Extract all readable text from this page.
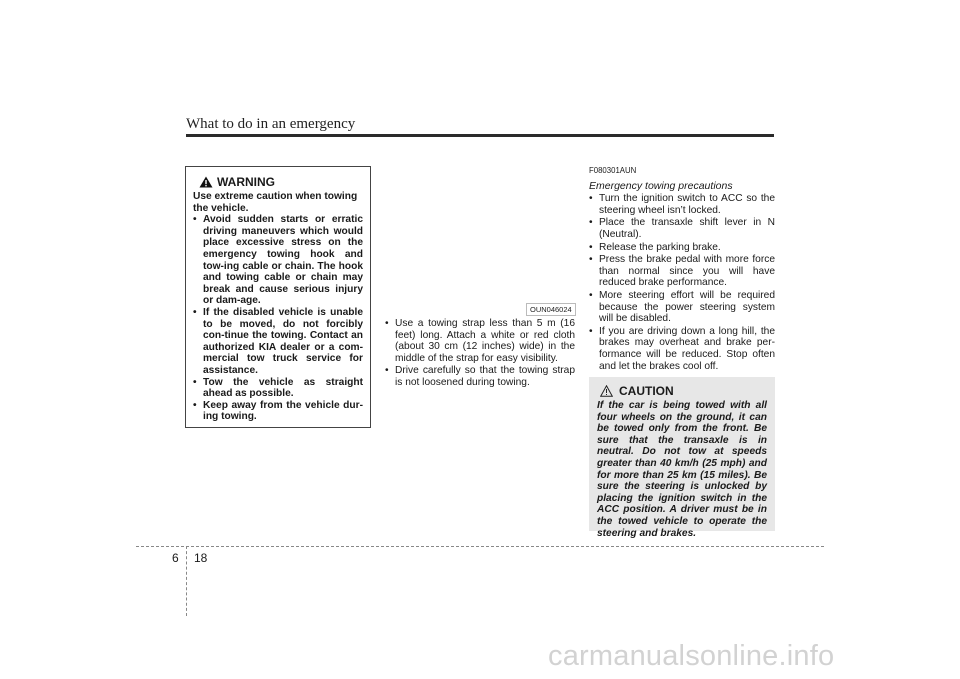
What to do in an emergency
WARNING

Use extreme caution when towing the vehicle.

• Avoid sudden starts or erratic driving maneuvers which would place excessive stress on the emergency towing hook and tow-ing cable or chain. The hook and towing cable or chain may break and cause serious injury or dam-age.
• If the disabled vehicle is unable to be moved, do not forcibly con-tinue the towing. Contact an authorized KIA dealer or a com-mercial tow truck service for assistance.
• Tow the vehicle as straight ahead as possible.
• Keep away from the vehicle dur-ing towing.
OUN046024
• Use a towing strap less than 5 m (16 feet) long. Attach a white or red cloth (about 30 cm (12 inches) wide) in the middle of the strap for easy visibility.
• Drive carefully so that the towing strap is not loosened during towing.
F080301AUN
Emergency towing precautions
• Turn the ignition switch to ACC so the steering wheel isn’t locked.
• Place the transaxle shift lever in N (Neutral).
• Release the parking brake.
• Press the brake pedal with more force than normal since you will have reduced brake performance.
• More steering effort will be required because the power steering system will be disabled.
• If you are driving down a long hill, the brakes may overheat and brake per-formance will be reduced. Stop often and let the brakes cool off.
CAUTION
If the car is being towed with all four wheels on the ground, it can be towed only from the front. Be sure that the transaxle is in neutral. Do not tow at speeds greater than 40 km/h (25 mph) and for more than 25 km (15 miles). Be sure the steering is unlocked by placing the ignition switch in the ACC position. A driver must be in the towed vehicle to operate the steering and brakes.
6 18
carmanualsonline.info
